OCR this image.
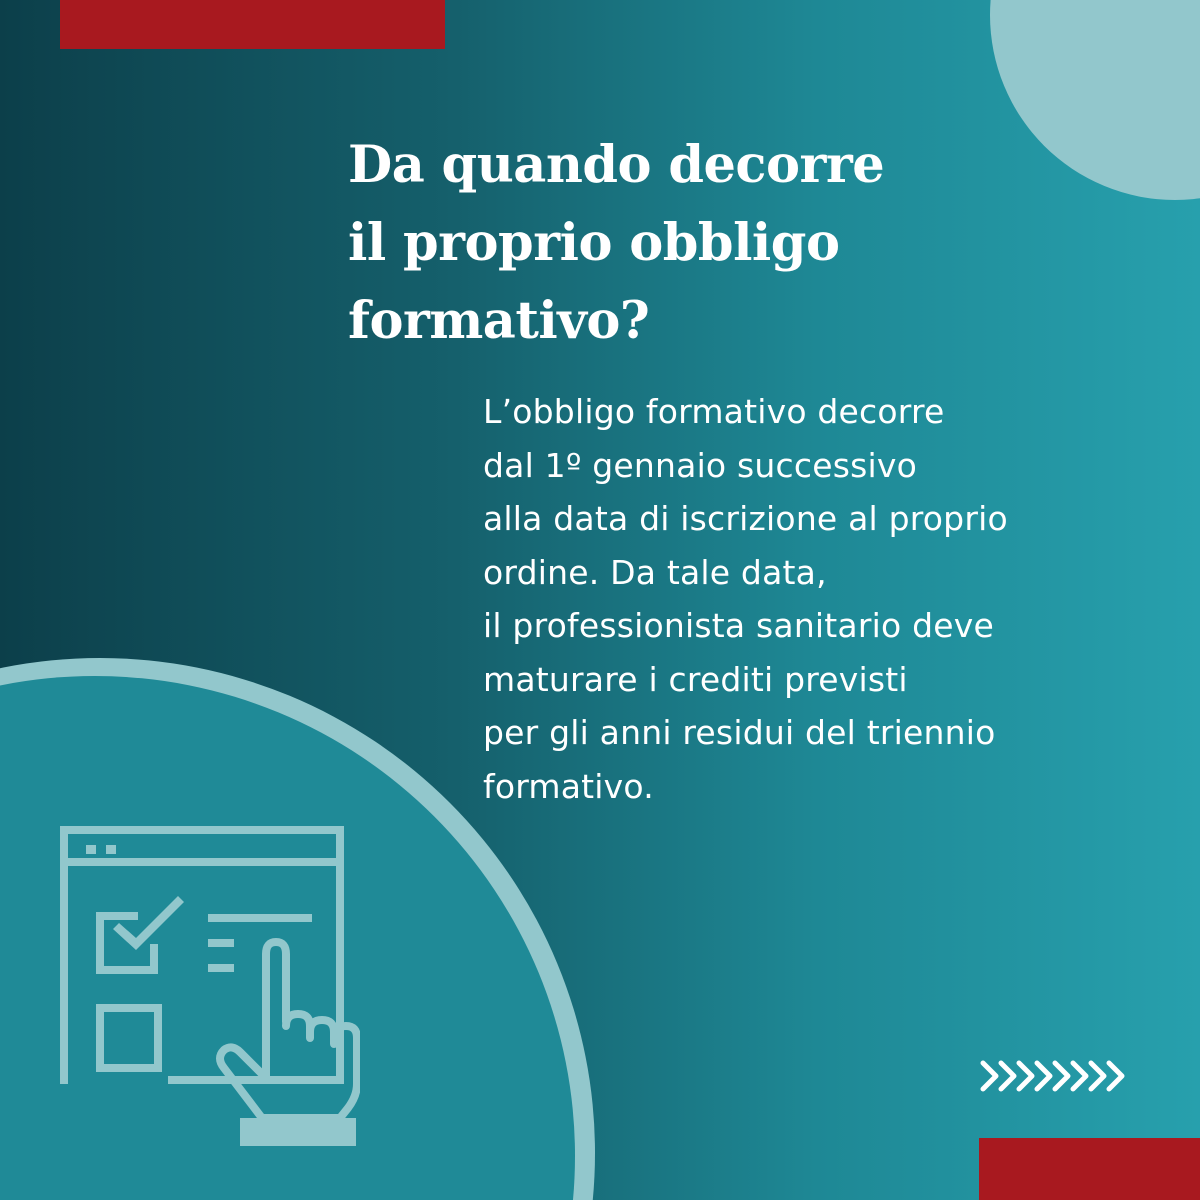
Da quando decorre
il proprio obbligo
formativo?

L’obbligo formativo decorre
dal 1º gennaio successivo
alla data di iscrizione al proprio
ordine. Da tale data,
il professionista sanitario deve
maturare i crediti previsti
per gli anni residui del triennio
formativo.
